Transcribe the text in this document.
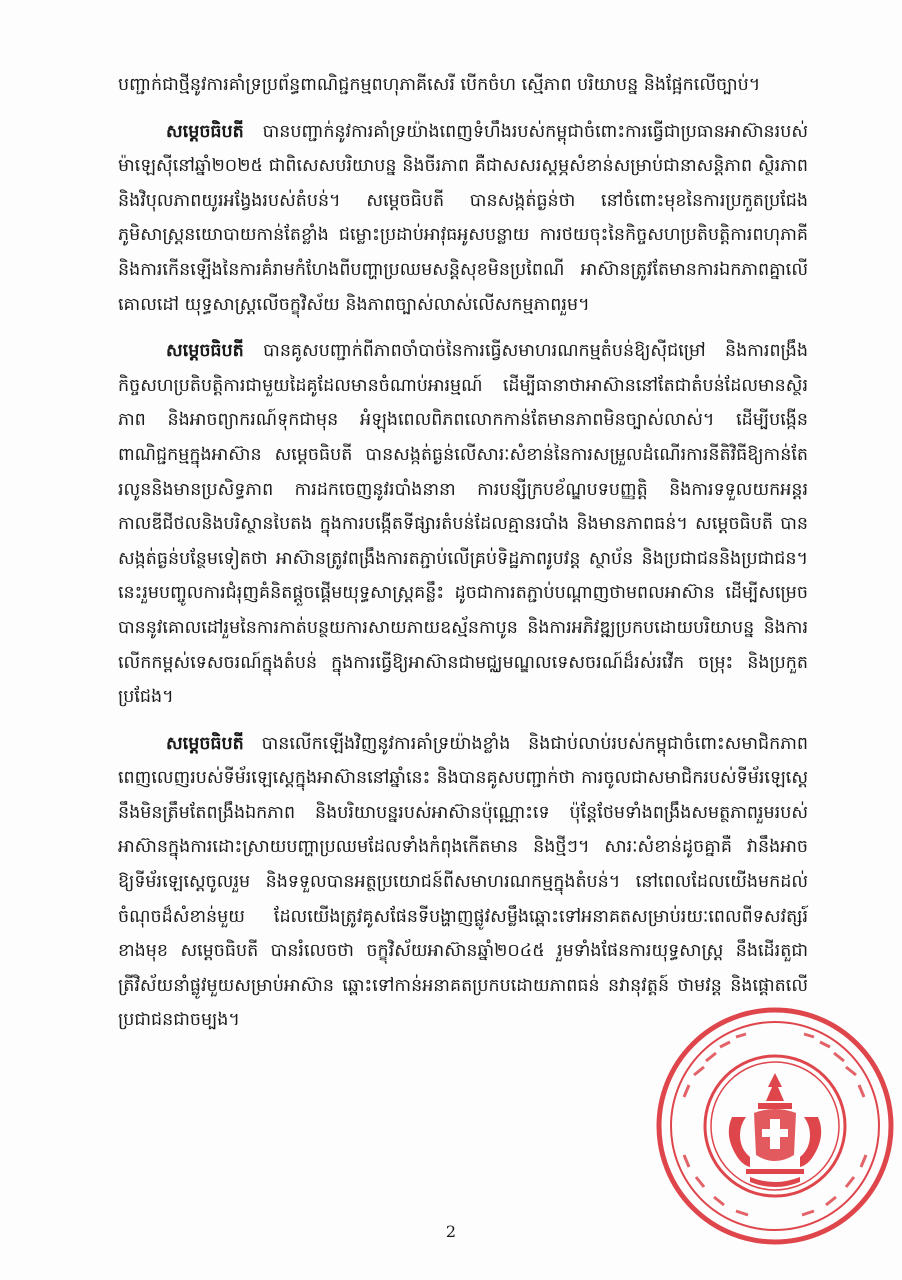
បញ្ជាក់ជាថ្មីនូវការគាំទ្រប្រព័ន្ធពាណិជ្ជកម្មពហុភាគីសេរី បើកចំហ ស្មើភាព បរិយាបន្ន និងផ្អែកលើច្បាប់។

សម្តេចធិបតី បានបញ្ជាក់នូវការគាំទ្រយ៉ាងពេញទំហឹងរបស់កម្ពុជាចំពោះការធ្វើជាប្រធានអាស៊ានរបស់ម៉ាឡេស៊ីនៅឆ្នាំ២០២៥ ជាពិសេសបរិយាបន្ន និងចីរភាព គឺជាសសរស្តម្ភសំខាន់សម្រាប់ជានាសន្តិភាព ស្ថិរភាព និងវិបុលភាពយូរអង្វែងរបស់តំបន់។ សម្តេចធិបតី បានសង្កត់ធ្ងន់ថា នៅចំពោះមុខនៃការប្រកួតប្រជែងភូមិសាស្ត្រនយោបាយកាន់តែខ្លាំង ជម្លោះប្រដាប់អាវុធអូសបន្លាយ ការថយចុះនៃកិច្ចសហប្រតិបត្តិការពហុភាគី និងការកើនឡើងនៃការគំរាមកំហែងពីបញ្ហាប្រឈមសន្តិសុខមិនប្រពៃណី អាស៊ានត្រូវតែមានការឯកភាពគ្នាលើគោលដៅ យុទ្ធសាស្ត្រលើចក្ខុវិស័យ និងភាពច្បាស់លាស់លើសកម្មភាពរួម។

សម្តេចធិបតី បានគូសបញ្ជាក់ពីភាពចាំបាច់នៃការធ្វើសមាហរណកម្មតំបន់ឱ្យស៊ីជម្រៅ និងការពង្រឹងកិច្ចសហប្រតិបត្តិការជាមួយដៃគូដែលមានចំណាប់អារម្មណ៍ ដើម្បីធានាថាអាស៊ាននៅតែជាតំបន់ដែលមានស្ថិរភាព និងអាចព្យាករណ៍ទុកជាមុន អំឡុងពេលពិភពលោកកាន់តែមានភាពមិនច្បាស់លាស់។ ដើម្បីបង្កើនពាណិជ្ជកម្មក្នុងអាស៊ាន សម្តេចធិបតី បានសង្កត់ធ្ងន់លើសារៈសំខាន់នៃការសម្រួលដំណើរការនីតិវិធីឱ្យកាន់តែរលូននិងមានប្រសិទ្ធភាព ការដកចេញនូវរបាំងនានា ការបន្សីក្របខ័ណ្ឌបទបញ្ញត្តិ និងការទទួលយកអន្តរកាលឌីជីថលនិងបរិស្ថានបៃតង ក្នុងការបង្កើតទីផ្សារតំបន់ដែលគ្មានរបាំង និងមានភាពធន់។ សម្តេចធិបតី បានសង្កត់ធ្ងន់បន្ថែមទៀតថា អាស៊ានត្រូវពង្រឹងការតភ្ជាប់លើគ្រប់ទិដ្ឋភាពរូបវន្ត ស្ថាប័ន និងប្រជាជននិងប្រជាជន។ នេះរួមបញ្ចូលការជំរុញគំនិតផ្តួចផ្តើមយុទ្ធសាស្ត្រគន្លឹះ ដូចជាការតភ្ជាប់បណ្តាញថាមពលអាស៊ាន ដើម្បីសម្រេចបាននូវគោលដៅរួមនៃការកាត់បន្ថយការសាយភាយឧស្ម័នកាបូន និងការអភិវឌ្ឍប្រកបដោយបរិយាបន្ន និងការលើកកម្ពស់ទេសចរណ៍ក្នុងតំបន់ ក្នុងការធ្វើឱ្យអាស៊ានជាមជ្ឈមណ្ឌលទេសចរណ៍ដ៏រស់រវើក ចម្រុះ និងប្រកួតប្រជែង។

សម្តេចធិបតី បានលើកឡើងវិញនូវការគាំទ្រយ៉ាងខ្លាំង និងជាប់លាប់របស់កម្ពុជាចំពោះសមាជិកភាពពេញលេញរបស់ទីម័រឡេស្តេក្នុងអាស៊ាននៅឆ្នាំនេះ និងបានគូសបញ្ជាក់ថា ការចូលជាសមាជិករបស់ទីម័រឡេស្តេនឹងមិនត្រឹមតែពង្រឹងឯកភាព និងបរិយាបន្នរបស់អាស៊ានប៉ុណ្ណោះទេ ប៉ុន្តែថែមទាំងពង្រឹងសមត្ថភាពរួមរបស់អាស៊ានក្នុងការដោះស្រាយបញ្ហាប្រឈមដែលទាំងកំពុងកើតមាន និងថ្មីៗ។ សារៈសំខាន់ដូចគ្នាគឺ វានឹងអាចឱ្យទីម័រឡេស្តេចូលរួម និងទទួលបានអត្ថប្រយោជន៍ពីសមាហរណកម្មក្នុងតំបន់។ នៅពេលដែលយើងមកដល់ចំណុចដ៏សំខាន់មួយ ដែលយើងត្រូវគូសផែនទីបង្ហាញផ្លូវសម្លឹងឆ្ពោះទៅអនាគតសម្រាប់រយៈពេលពីទសវត្សរ៍ខាងមុខ សម្តេចធិបតី បានរំលេចថា ចក្ខុវិស័យអាស៊ានឆ្នាំ២០៤៥ រួមទាំងផែនការយុទ្ធសាស្ត្រ នឹងដើរតួជាត្រីវិស័យនាំផ្លូវមួយសម្រាប់អាស៊ាន ឆ្ពោះទៅកាន់អនាគតប្រកបដោយភាពធន់ នវានុវត្តន៍ ថាមវន្ត និងផ្តោតលើប្រជាជនជាចម្បង។

2
